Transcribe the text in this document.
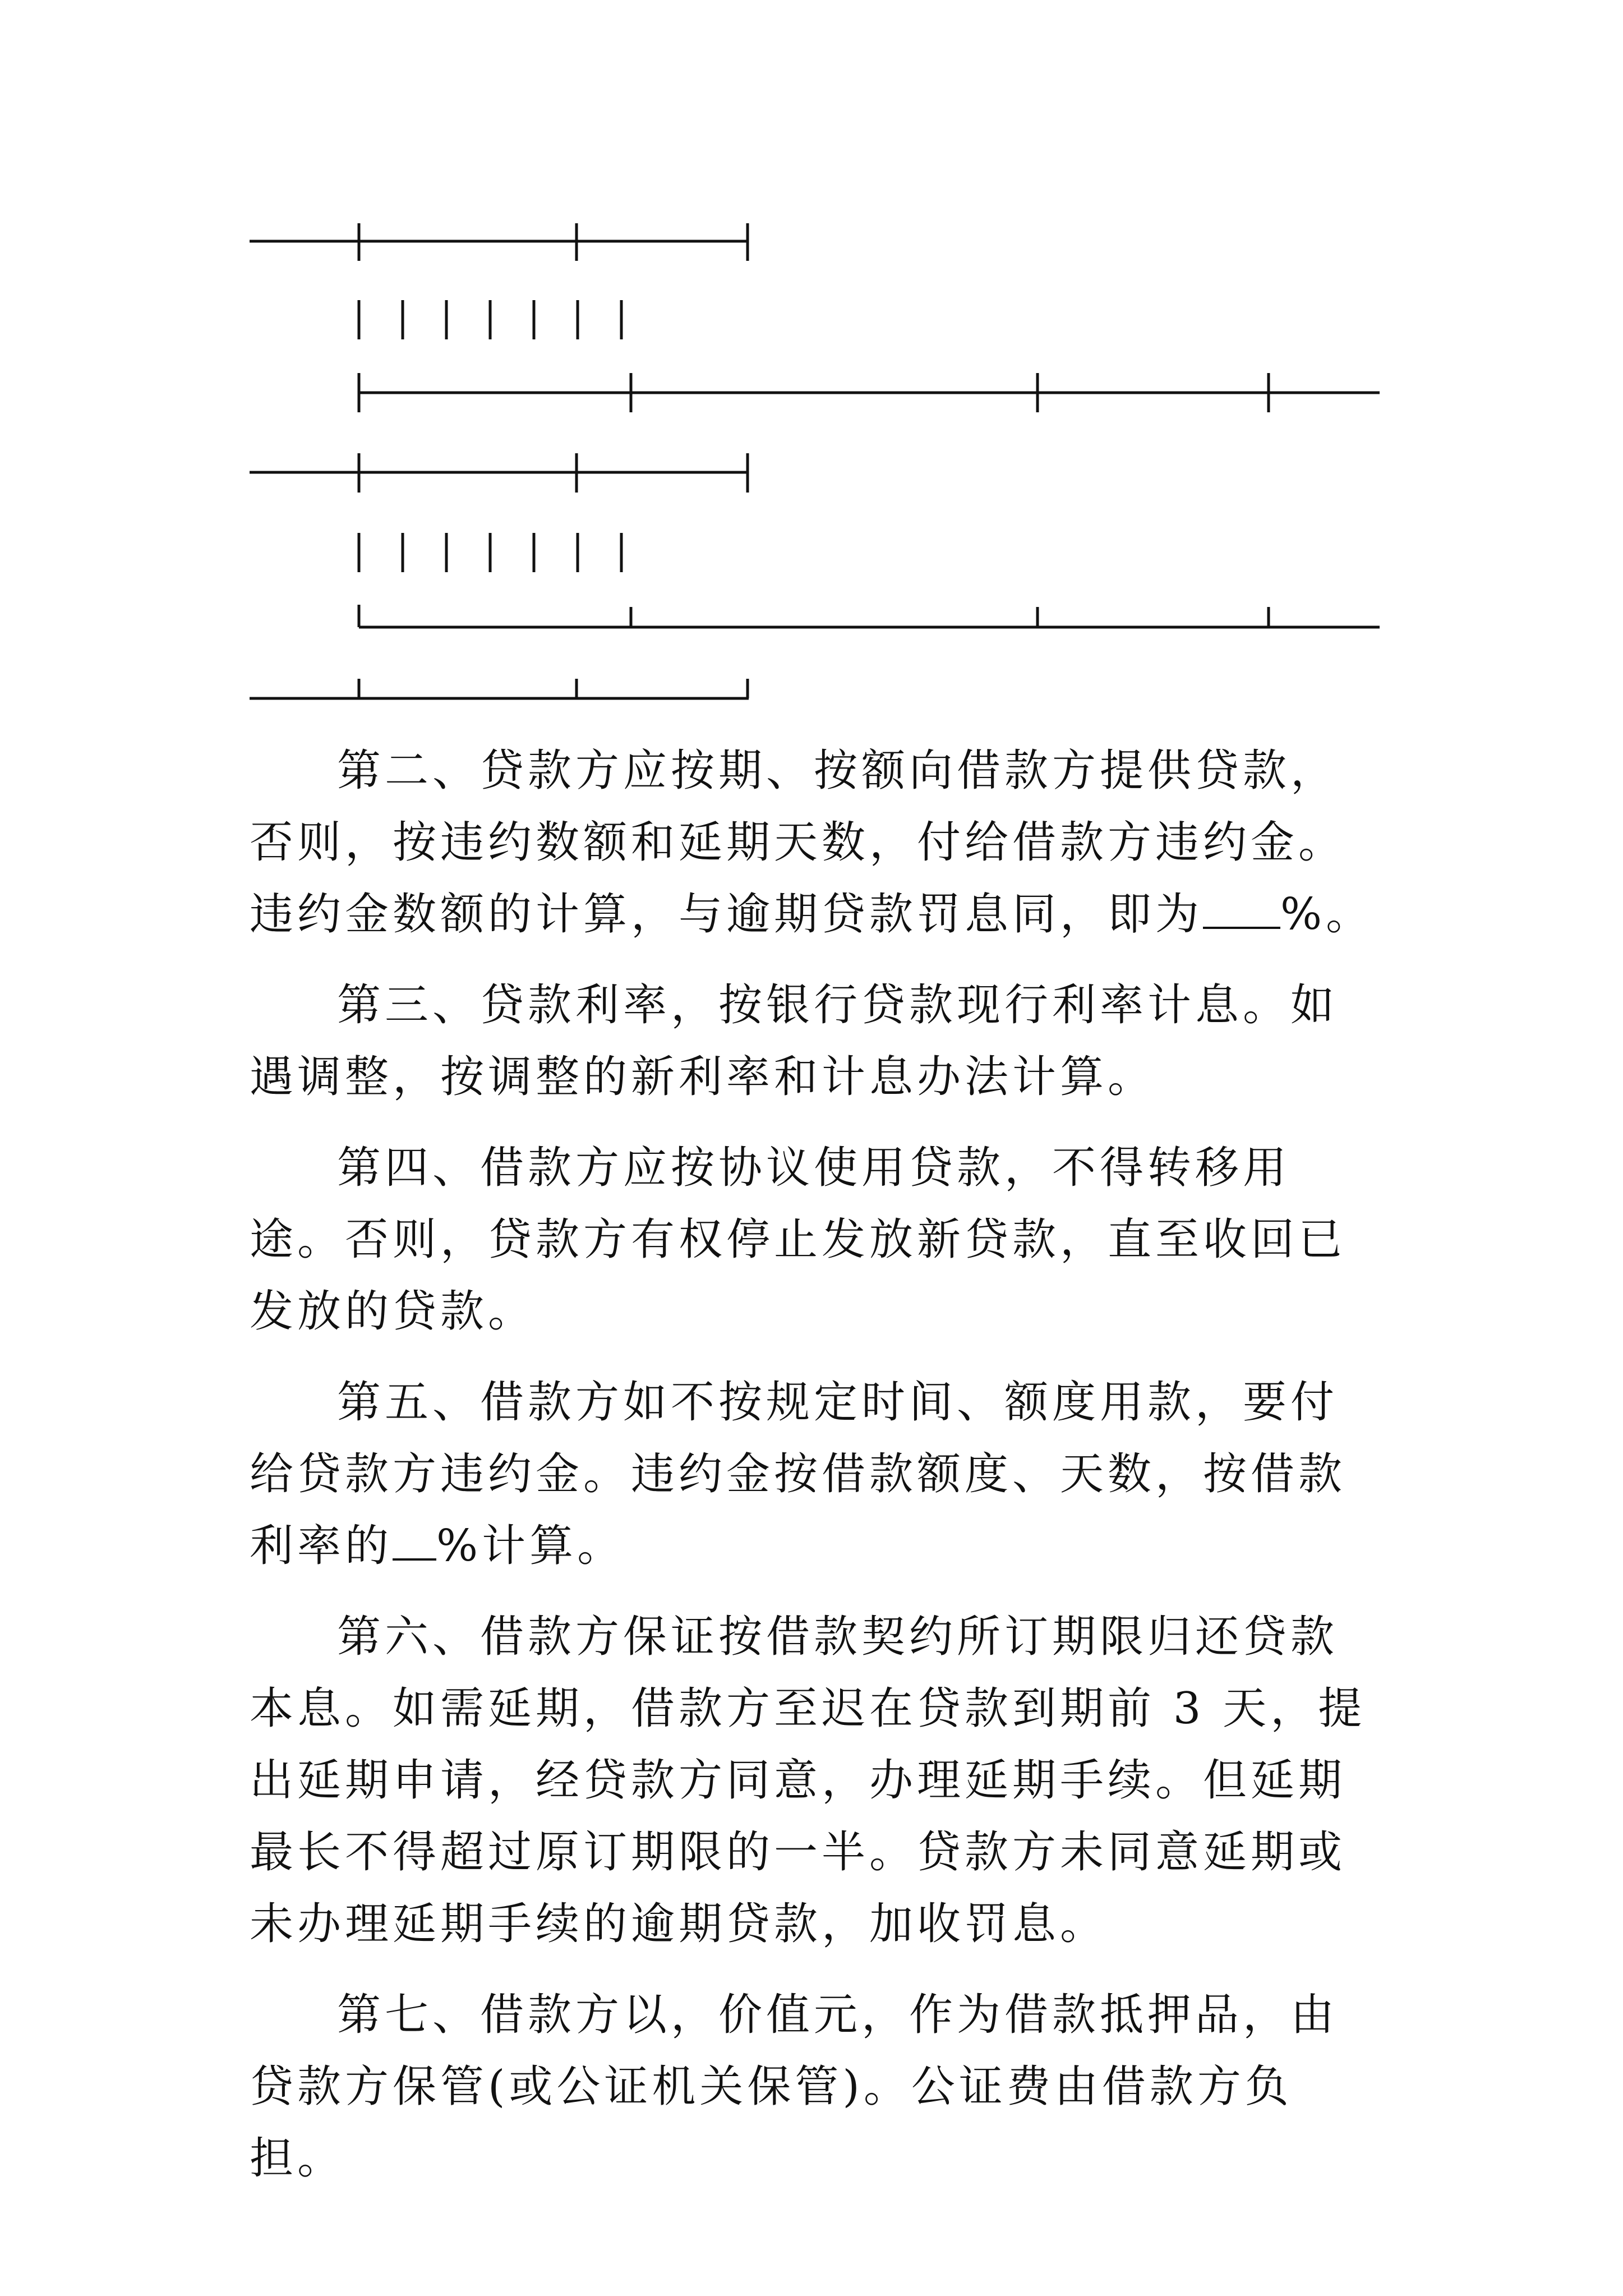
第二、贷款方应按期、按额向借款方提供贷款，否则，按违约数额和延期天数，付给借款方违约金。违约金数额的计算，与逾期贷款罚息同，即为 %。

第三、贷款利率，按银行贷款现行利率计息。如遇调整，按调整的新利率和计息办法计算。

第四、借款方应按协议使用贷款，不得转移用途。否则，贷款方有权停止发放新贷款，直至收回已发放的贷款。

第五、借款方如不按规定时间、额度用款，要付给贷款方违约金。违约金按借款额度、天数，按借款利率的 %计算。

第六、借款方保证按借款契约所订期限归还贷款本息。如需延期，借款方至迟在贷款到期前 3 天，提出延期申请，经贷款方同意，办理延期手续。但延期最长不得超过原订期限的一半。贷款方未同意延期或未办理延期手续的逾期贷款，加收罚息。

第七、借款方以，价值元，作为借款抵押品，由贷款方保管(或公证机关保管)。公证费由借款方负担。
